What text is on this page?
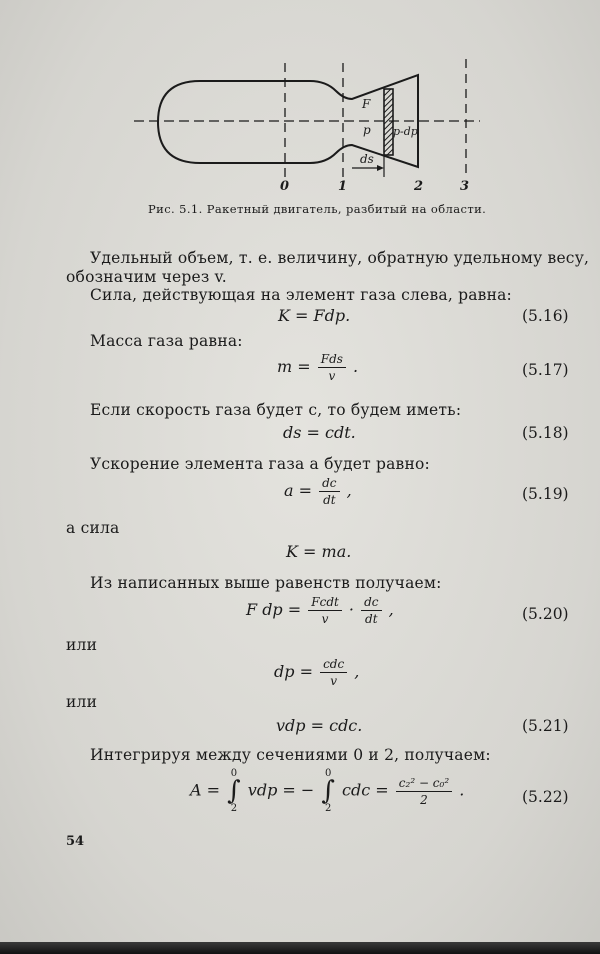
F
p p-dp
ds
0	1	2	3
Рис. 5.1. Ракетный двигатель, разбитый на области.
Удельный объем, т. е. величину, обратную удельному весу,
обозначим через v.
Сила, действующая на элемент газа слева, равна:
K = Fdp.	(5.16)
Масса газа равна:
$m = \frac{\text{Fds}}{v}$ .	(5.17)
Если скорость газа будет c, то будем иметь:
ds = cdt.	(5.18)
Ускорение элемента газа a будет равно:
$a = \frac{dc}{dt}$ ,	(5.19)
а сила
K = ma.
Из написанных выше равенств получаем:
F dp = $\frac{\text{Fcdt}}{v} \cdot \frac{dc}{dt}$ ,	(5.20)
или
dp = $\frac{\text{cdc}}{v}$ ,
или
vdp = cdc.	(5.21)
Интегрируя между сечениями 0 и 2, получаем:
A =
0
∫
2
vdp = −
0
∫
2
cdc = $\frac{\text{c₂² − c₀²}}{2}$ .	(5.22)
54
